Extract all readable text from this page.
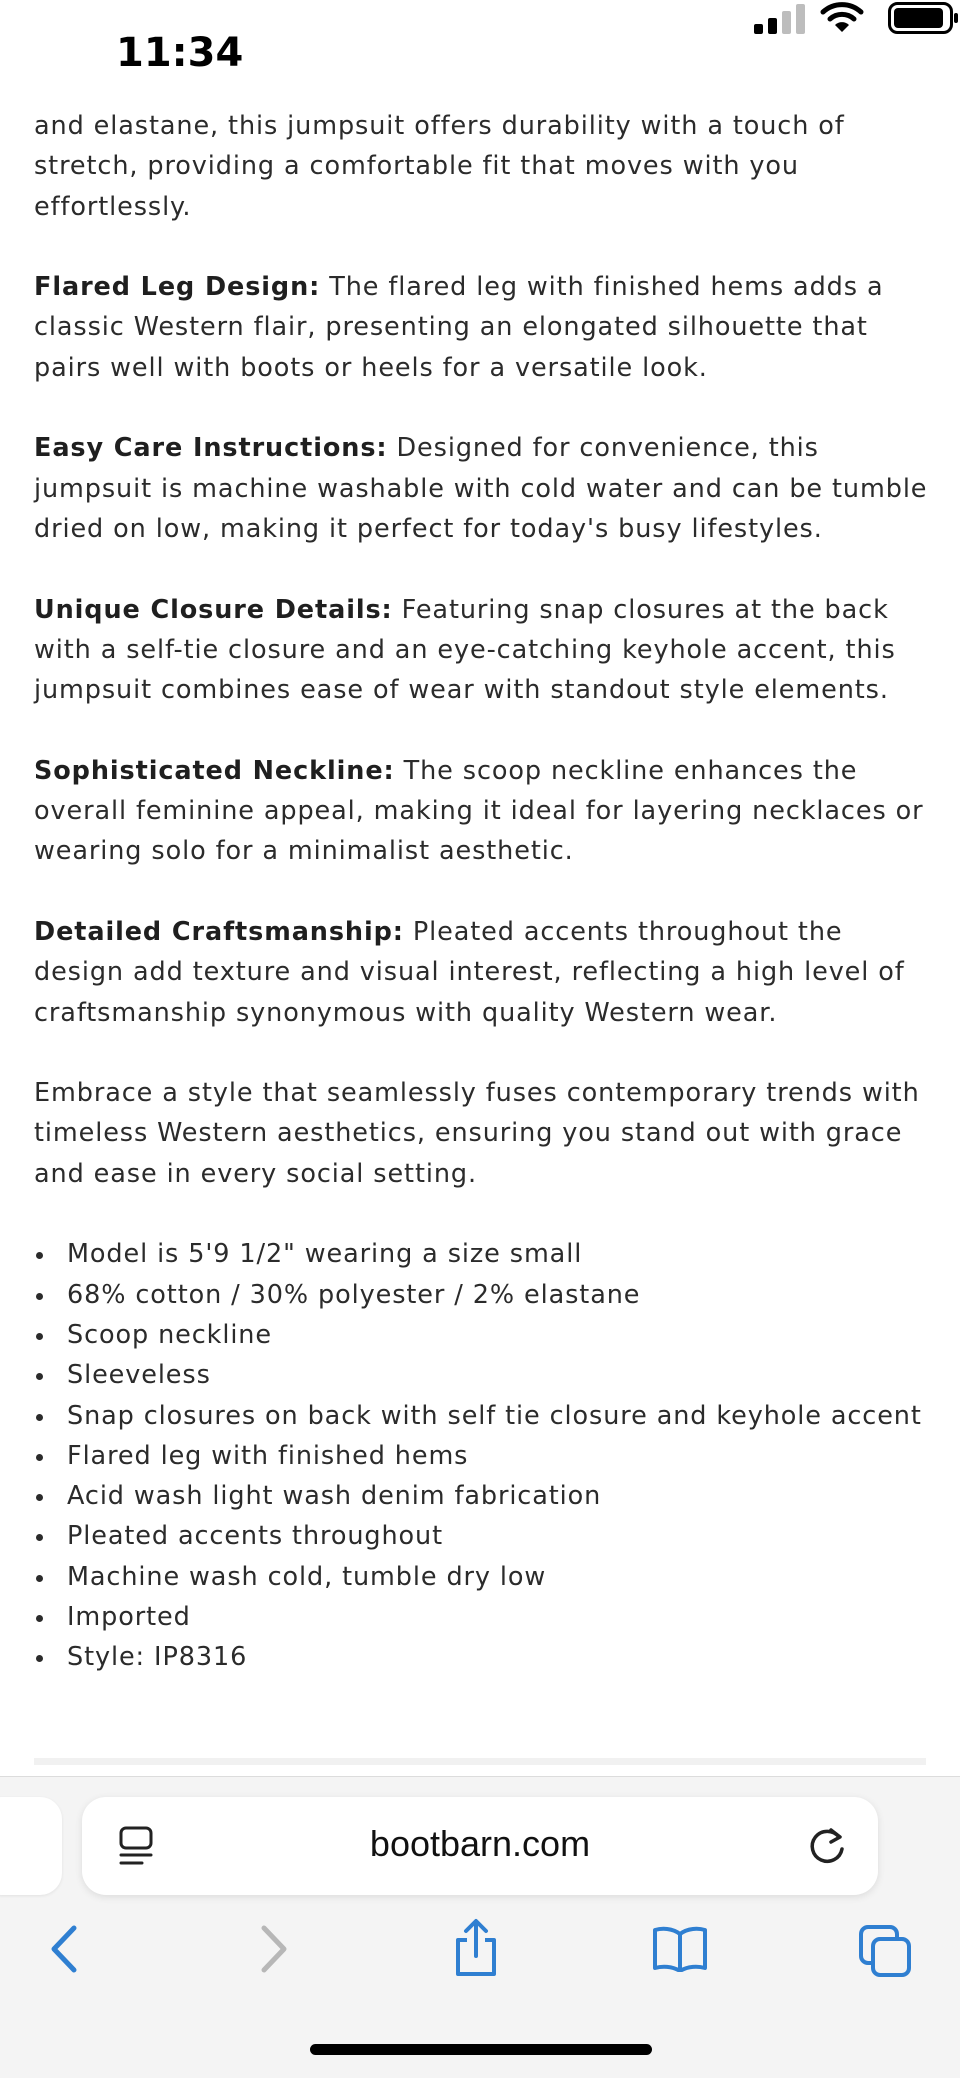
11:34

and elastane, this jumpsuit offers durability with a touch of stretch, providing a comfortable fit that moves with you effortlessly.

Flared Leg Design: The flared leg with finished hems adds a classic Western flair, presenting an elongated silhouette that pairs well with boots or heels for a versatile look.

Easy Care Instructions: Designed for convenience, this jumpsuit is machine washable with cold water and can be tumble dried on low, making it perfect for today's busy lifestyles.

Unique Closure Details: Featuring snap closures at the back with a self-tie closure and an eye-catching keyhole accent, this jumpsuit combines ease of wear with standout style elements.

Sophisticated Neckline: The scoop neckline enhances the overall feminine appeal, making it ideal for layering necklaces or wearing solo for a minimalist aesthetic.

Detailed Craftsmanship: Pleated accents throughout the design add texture and visual interest, reflecting a high level of craftsmanship synonymous with quality Western wear.

Embrace a style that seamlessly fuses contemporary trends with timeless Western aesthetics, ensuring you stand out with grace and ease in every social setting.

Model is 5'9 1/2" wearing a size small
68% cotton / 30% polyester / 2% elastane
Scoop neckline
Sleeveless
Snap closures on back with self tie closure and keyhole accent
Flared leg with finished hems
Acid wash light wash denim fabrication
Pleated accents throughout
Machine wash cold, tumble dry low
Imported
Style: IP8316
bootbarn.com
